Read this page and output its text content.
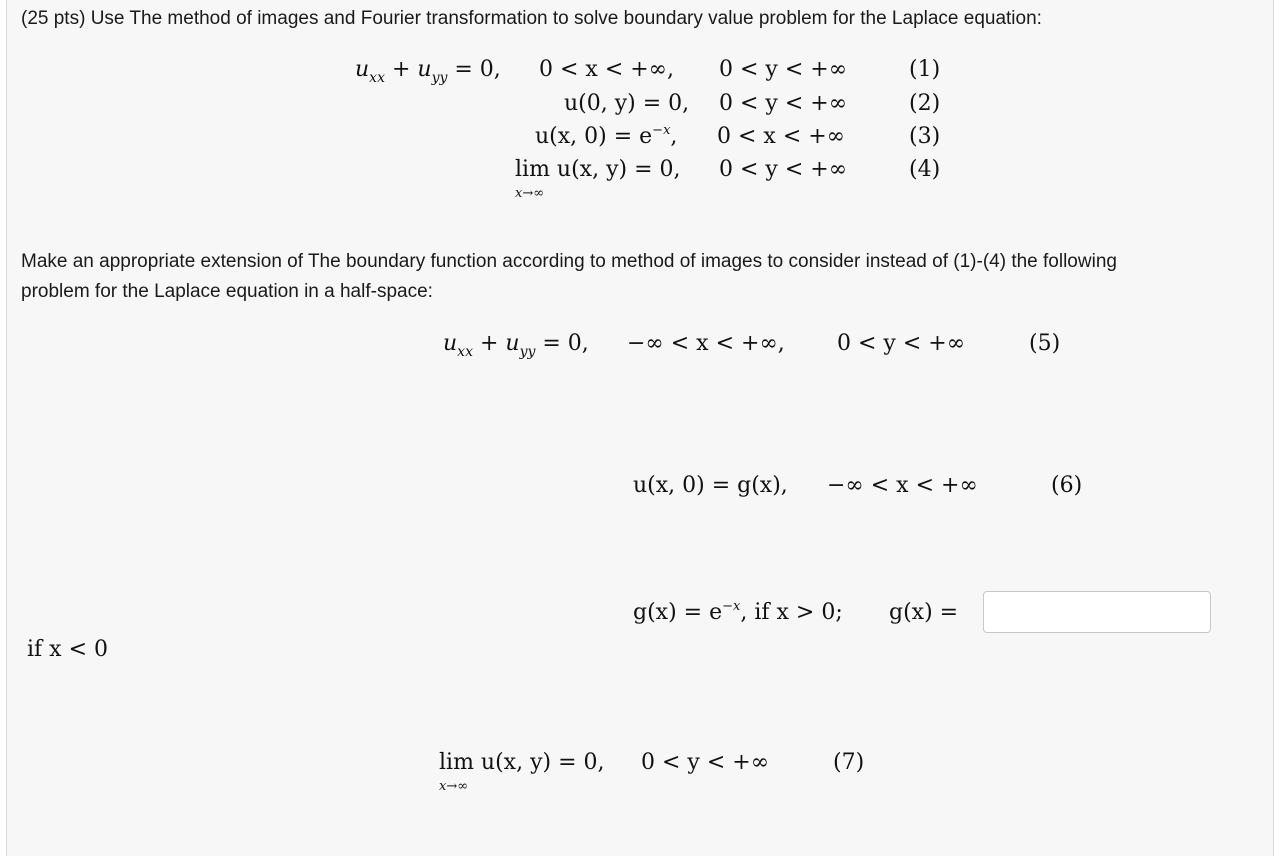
(25 pts) Use The method of images and Fourier transformation to solve boundary value problem for the Laplace equation:
$u_{xx} + u_{yy} = 0$, 0 < x < +∞, 0 < y < +∞	(1)
u(0, y) = 0, 0 < y < +∞	(2)
u(x, $0) = e^{-x}$, 0 < x < +∞	(3)
lim
x→∞
u(x, y) = 0, 0 < y < +∞	(4)
Make an appropriate extension of The boundary function according to method of images to consider instead of (1)-(4) the following
problem for the Laplace equation in a half-space:
$u_{xx} + u_{yy} = 0$, −∞ < x < +∞, 0 < y < +∞	(5)
u(x, 0) = g(x), −∞ < x < +∞	(6)
$g(x) = e^{-x}$, if x > 0; g(x) =
if x < 0
lim
x→∞
u(x, y) = 0, 0 < y < +∞	(7)
